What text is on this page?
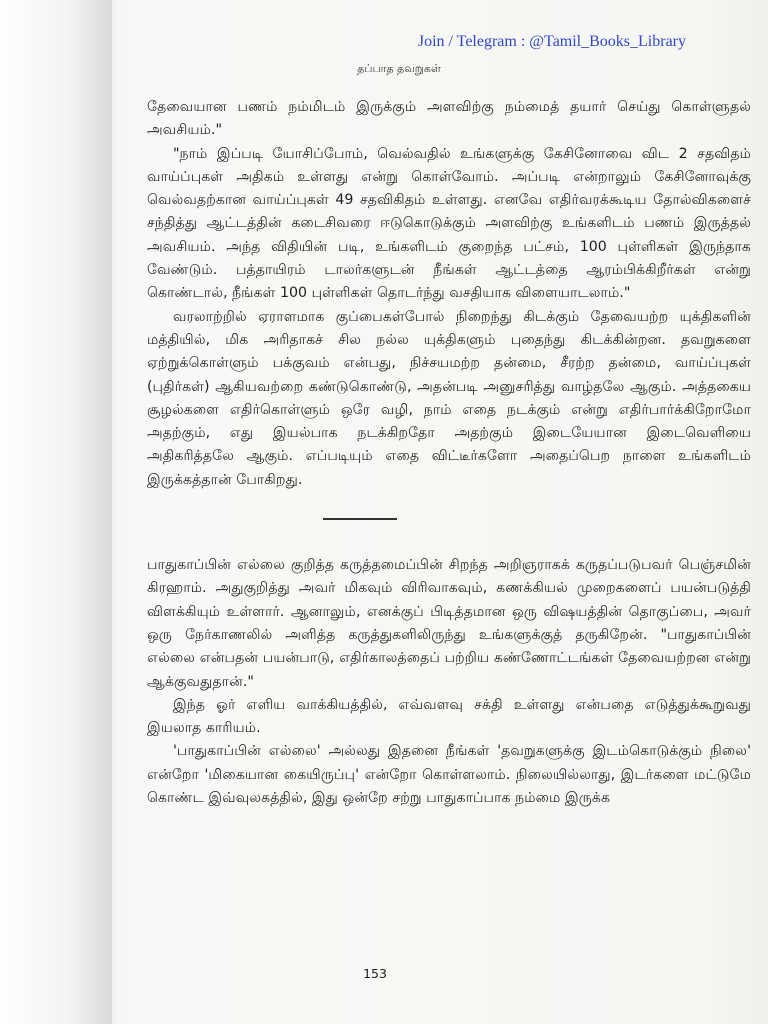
Join / Telegram : @Tamil_Books_Library
தப்பாத தவறுகள்

தேவையான பணம் நம்மிடம் இருக்கும் அளவிற்கு நம்மைத் தயார் செய்து கொள்ளுதல் அவசியம்."

"நாம் இப்படி யோசிப்போம், வெல்வதில் உங்களுக்கு கேசினோவை விட 2 சதவிதம் வாய்ப்புகள் அதிகம் உள்ளது என்று கொள்வோம். அப்படி என்றாலும் கேசினோவுக்கு வெல்வதற்கான வாய்ப்புகள் 49 சதவிகிதம் உள்ளது. எனவே எதிர்வரக்கூடிய தோல்விகளைச் சந்தித்து ஆட்டத்தின் கடைசிவரை ஈடுகொடுக்கும் அளவிற்கு உங்களிடம் பணம் இருத்தல் அவசியம். அந்த விதியின் படி, உங்களிடம் குறைந்த பட்சம், 100 புள்ளிகள் இருந்தாக வேண்டும். பத்தாயிரம் டாலர்களுடன் நீங்கள் ஆட்டத்தை ஆரம்பிக்கிறீர்கள் என்று கொண்டால், நீங்கள் 100 புள்ளிகள் தொடர்ந்து வசதியாக விளையாடலாம்."

வரலாற்றில் ஏராளமாக குப்பைகள்போல் நிறைந்து கிடக்கும் தேவையற்ற யுக்திகளின் மத்தியில், மிக அரிதாகச் சில நல்ல யுக்திகளும் புதைந்து கிடக்கின்றன. தவறுகளை ஏற்றுக்கொள்ளும் பக்குவம் என்பது, நிச்சயமற்ற தன்மை, சீரற்ற தன்மை, வாய்ப்புகள் (புதிர்கள்) ஆகியவற்றை கண்டுகொண்டு, அதன்படி அனுசரித்து வாழ்தலே ஆகும். அத்தகைய சூழல்களை எதிர்கொள்ளும் ஒரே வழி, நாம் எதை நடக்கும் என்று எதிர்பார்க்கிறோமோ அதற்கும், எது இயல்பாக நடக்கிறதோ அதற்கும் இடையேயான இடைவெளியை அதிகரித்தலே ஆகும். எப்படியும் எதை விட்டீர்களோ அதைப்பெற நாளை உங்களிடம் இருக்கத்தான் போகிறது.

பாதுகாப்பின் எல்லை குறித்த கருத்தமைப்பின் சிறந்த அறிஞராகக் கருதப்படுபவர் பெஞ்சமின் கிரஹாம். அதுகுறித்து அவர் மிகவும் விரிவாகவும், கணக்கியல் முறைகளைப் பயன்படுத்தி விளக்கியும் உள்ளார். ஆனாலும், எனக்குப் பிடித்தமான ஒரு விஷயத்தின் தொகுப்பை, அவர் ஒரு நேர்காணலில் அளித்த கருத்துகளிலிருந்து உங்களுக்குத் தருகிறேன். "பாதுகாப்பின் எல்லை என்பதன் பயன்பாடு, எதிர்காலத்தைப் பற்றிய கண்ணோட்டங்கள் தேவையற்றன என்று ஆக்குவதுதான்."

இந்த ஓர் எளிய வாக்கியத்தில், எவ்வளவு சக்தி உள்ளது என்பதை எடுத்துக்கூறுவது இயலாத காரியம்.

'பாதுகாப்பின் எல்லை' அல்லது இதனை நீங்கள் 'தவறுகளுக்கு இடம்கொடுக்கும் நிலை' என்றோ 'மிகையான கையிருப்பு' என்றோ கொள்ளலாம். நிலையில்லாது, இடர்களை மட்டுமே கொண்ட இவ்வுலகத்தில், இது ஒன்றே சற்று பாதுகாப்பாக நம்மை இருக்க

153
